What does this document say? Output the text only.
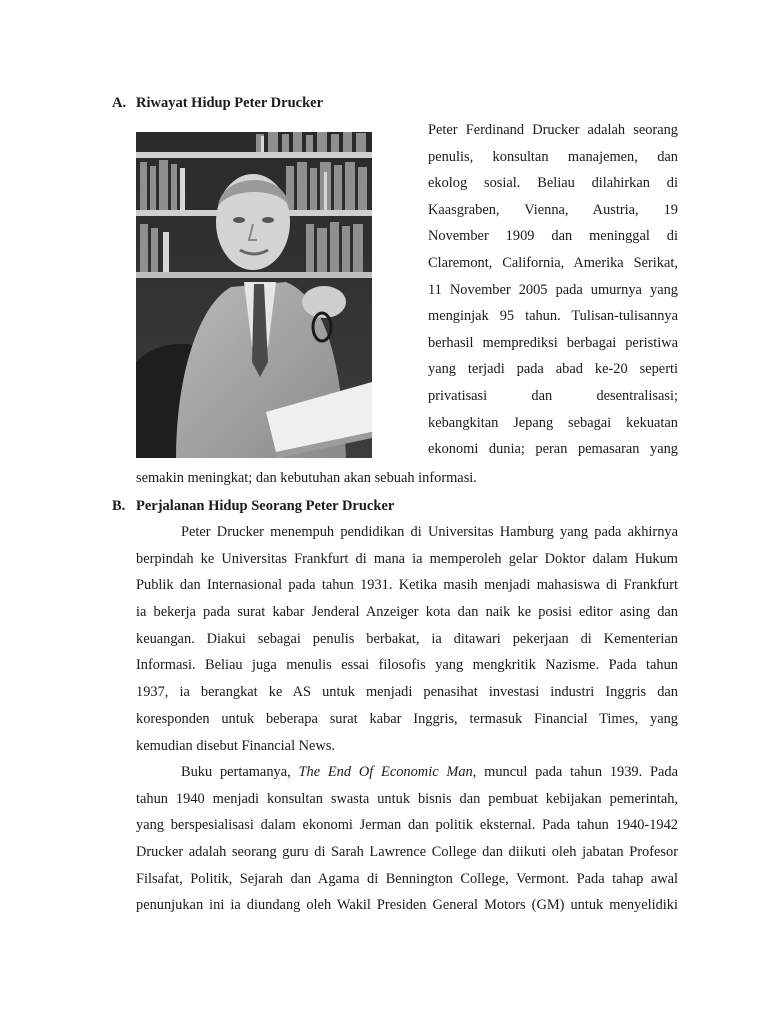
A. Riwayat Hidup Peter Drucker
Peter Ferdinand Drucker adalah seorang
penulis, konsultan manajemen, dan
ekolog sosial. Beliau dilahirkan di
Kaasgraben, Vienna, Austria, 19
November 1909 dan meninggal di
Claremont, California, Amerika Serikat,
11 November 2005 pada umurnya yang
menginjak 95 tahun. Tulisan-tulisannya
berhasil memprediksi berbagai peristiwa
yang terjadi pada abad ke-20 seperti
privatisasi dan desentralisasi;
kebangkitan Jepang sebagai kekuatan
ekonomi dunia; peran pemasaran yang
semakin meningkat; dan kebutuhan akan sebuah informasi.
B. Perjalanan Hidup Seorang Peter Drucker
Peter Drucker menempuh pendidikan di Universitas Hamburg yang pada akhirnya
berpindah ke Universitas Frankfurt di mana ia memperoleh gelar Doktor dalam Hukum
Publik dan Internasional pada tahun 1931. Ketika masih menjadi mahasiswa di Frankfurt
ia bekerja pada surat kabar Jenderal Anzeiger kota dan naik ke posisi editor asing dan
keuangan. Diakui sebagai penulis berbakat, ia ditawari pekerjaan di Kementerian
Informasi. Beliau juga menulis essai filosofis yang mengkritik Nazisme. Pada tahun
1937, ia berangkat ke AS untuk menjadi penasihat investasi industri Inggris dan
koresponden untuk beberapa surat kabar Inggris, termasuk Financial Times, yang
kemudian disebut Financial News.
Buku pertamanya, The End Of Economic Man, muncul pada tahun 1939. Pada
tahun 1940 menjadi konsultan swasta untuk bisnis dan pembuat kebijakan pemerintah,
yang berspesialisasi dalam ekonomi Jerman dan politik eksternal. Pada tahun 1940-1942
Drucker adalah seorang guru di Sarah Lawrence College dan diikuti oleh jabatan Profesor
Filsafat, Politik, Sejarah dan Agama di Bennington College, Vermont. Pada tahap awal
penunjukan ini ia diundang oleh Wakil Presiden General Motors (GM) untuk menyelidiki
